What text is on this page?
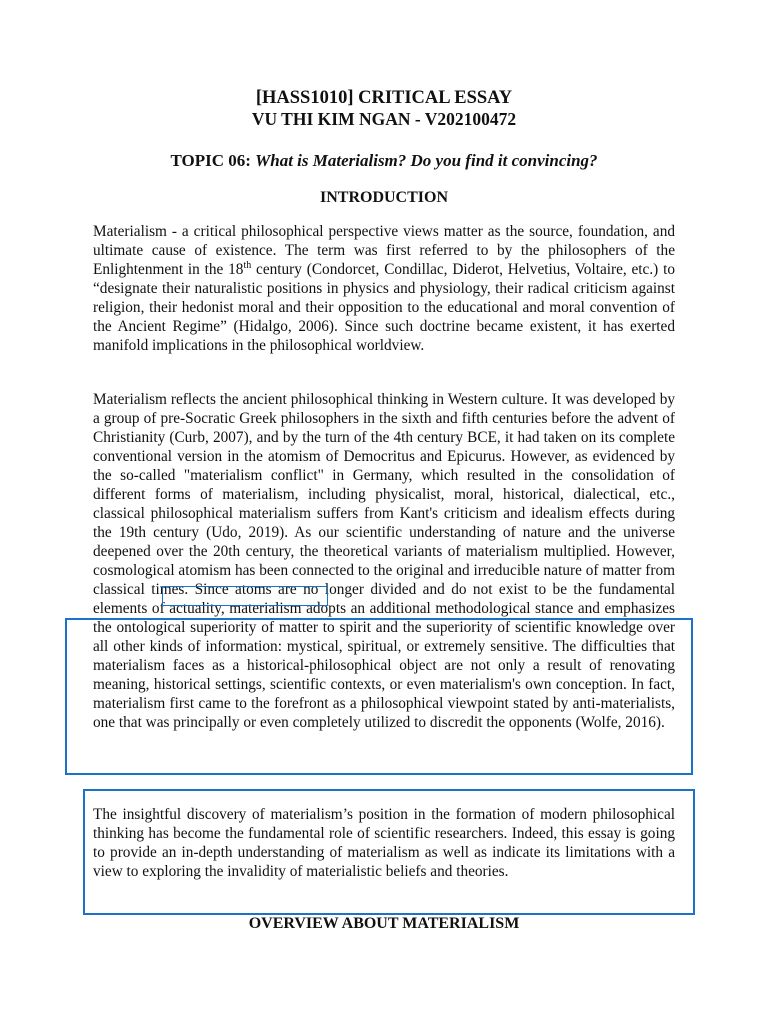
[HASS1010] CRITICAL ESSAY
VU THI KIM NGAN - V202100472
TOPIC 06: What is Materialism? Do you find it convincing?
INTRODUCTION

Materialism - a critical philosophical perspective views matter as the source, foundation, and ultimate cause of existence. The term was first referred to by the philosophers of the Enlightenment in the 18th century (Condorcet, Condillac, Diderot, Helvetius, Voltaire, etc.) to “designate their naturalistic positions in physics and physiology, their radical criticism against religion, their hedonist moral and their opposition to the educational and moral convention of the Ancient Regime” (Hidalgo, 2006). Since such doctrine became existent, it has exerted manifold implications in the philosophical worldview.

Materialism reflects the ancient philosophical thinking in Western culture. It was developed by a group of pre-Socratic Greek philosophers in the sixth and fifth centuries before the advent of Christianity (Curb, 2007), and by the turn of the 4th century BCE, it had taken on its complete conventional version in the atomism of Democritus and Epicurus. However, as evidenced by the so-called "materialism conflict" in Germany, which resulted in the consolidation of different forms of materialism, including physicalist, moral, historical, dialectical, etc., classical philosophical materialism suffers from Kant's criticism and idealism effects during the 19th century (Udo, 2019). As our scientific understanding of nature and the universe deepened over the 20th century, the theoretical variants of materialism multiplied. However, cosmological atomism has been connected to the original and irreducible nature of matter from classical times. Since atoms are no longer divided and do not exist to be the fundamental elements of actuality, materialism adopts an additional methodological stance and emphasizes the ontological superiority of matter to spirit and the superiority of scientific knowledge over all other kinds of information: mystical, spiritual, or extremely sensitive. The difficulties that materialism faces as a historical-philosophical object are not only a result of renovating meaning, historical settings, scientific contexts, or even materialism's own conception. In fact, materialism first came to the forefront as a philosophical viewpoint stated by anti-materialists, one that was principally or even completely utilized to discredit the opponents (Wolfe, 2016).

The insightful discovery of materialism’s position in the formation of modern philosophical thinking has become the fundamental role of scientific researchers. Indeed, this essay is going to provide an in-depth understanding of materialism as well as indicate its limitations with a view to exploring the invalidity of materialistic beliefs and theories.

OVERVIEW ABOUT MATERIALISM
